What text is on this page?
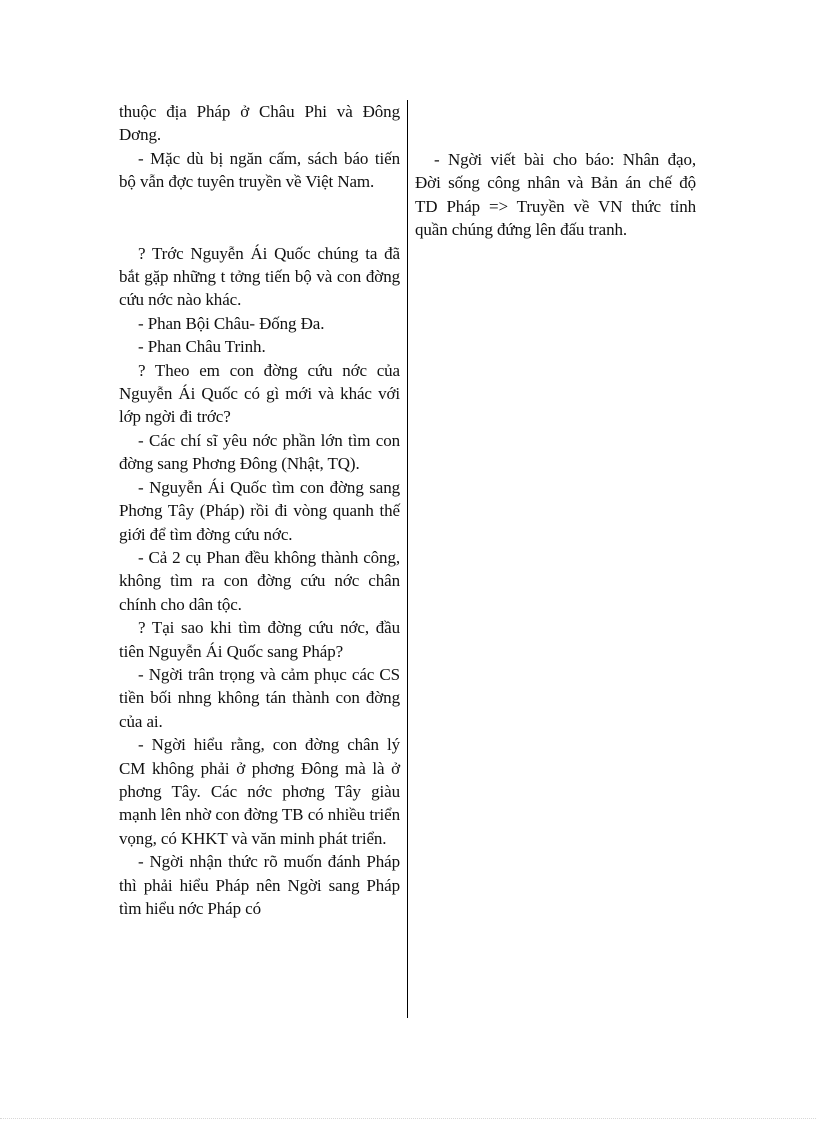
thuộc địa Pháp ở Châu Phi và Đông Dơng.

- Mặc dù bị ngăn cấm, sách báo tiến bộ vẫn đợc tuyên truyền về Việt Nam.

? Trớc Nguyễn Ái Quốc chúng ta đã bắt gặp những t tởng tiến bộ và con đờng cứu nớc nào khác.

- Phan Bội Châu- Đống Đa.

- Phan Châu Trinh.

? Theo em con đờng cứu nớc của Nguyễn Ái Quốc có gì mới và khác với lớp ngời đi trớc?

- Các chí sĩ yêu nớc phần lớn tìm con đờng sang Phơng Đông (Nhật, TQ).

- Nguyễn Ái Quốc tìm con đờng sang Phơng Tây (Pháp) rồi đi vòng quanh thế giới để tìm đờng cứu nớc.

- Cả 2 cụ Phan đều không thành công, không tìm ra con đờng cứu nớc chân chính cho dân tộc.

? Tại sao khi tìm đờng cứu nớc, đầu tiên Nguyễn Ái Quốc sang Pháp?

- Ngời trân trọng và cảm phục các CS tiền bối nhng không tán thành con đờng của ai.

- Ngời hiểu rằng, con đờng chân lý CM không phải ở phơng Đông mà là ở phơng Tây. Các nớc phơng Tây giàu mạnh lên nhờ con đờng TB có nhiều triển vọng, có KHKT và văn minh phát triển.

- Ngời nhận thức rõ muốn đánh Pháp thì phải hiểu Pháp nên Ngời sang Pháp tìm hiểu nớc Pháp có

- Ngời viết bài cho báo: Nhân đạo, Đời sống công nhân và Bản án chế độ TD Pháp => Truyền về VN thức tỉnh quần chúng đứng lên đấu tranh.
